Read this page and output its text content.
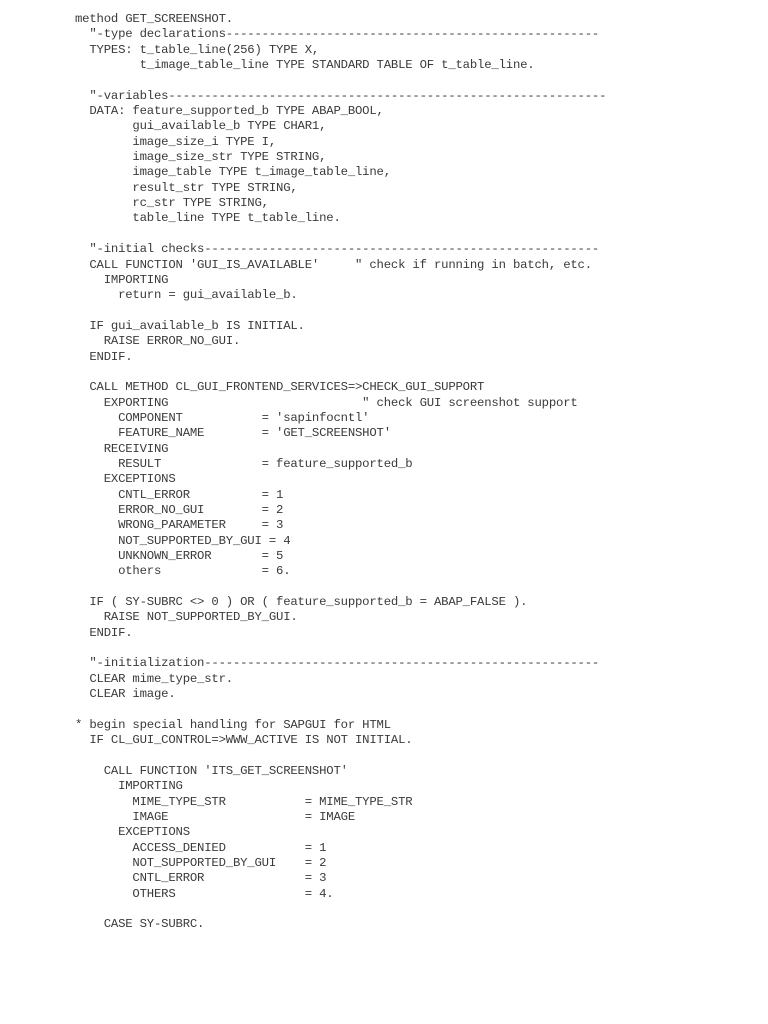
method GET_SCREENSHOT.
"-type declarations----------------------------------------------------
TYPES: t_table_line(256) TYPE X,
t_image_table_line TYPE STANDARD TABLE OF t_table_line.
"-variables-------------------------------------------------------------
DATA: feature_supported_b TYPE ABAP_BOOL,
gui_available_b TYPE CHAR1,
image_size_i TYPE I,
image_size_str TYPE STRING,
image_table TYPE t_image_table_line,
result_str TYPE STRING,
rc_str TYPE STRING,
table_line TYPE t_table_line.
"-initial checks-------------------------------------------------------
CALL FUNCTION 'GUI_IS_AVAILABLE'     " check if running in batch, etc.
IMPORTING
return = gui_available_b.
IF gui_available_b IS INITIAL.
RAISE ERROR_NO_GUI.
ENDIF.
CALL METHOD CL_GUI_FRONTEND_SERVICES=>CHECK_GUI_SUPPORT
EXPORTING                           " check GUI screenshot support
COMPONENT           = 'sapinfocntl'
FEATURE_NAME        = 'GET_SCREENSHOT'
RECEIVING
RESULT              = feature_supported_b
EXCEPTIONS
CNTL_ERROR          = 1
ERROR_NO_GUI        = 2
WRONG_PARAMETER     = 3
NOT_SUPPORTED_BY_GUI = 4
UNKNOWN_ERROR       = 5
others              = 6.
IF ( SY-SUBRC <> 0 ) OR ( feature_supported_b = ABAP_FALSE ).
RAISE NOT_SUPPORTED_BY_GUI.
ENDIF.
"-initialization-------------------------------------------------------
CLEAR mime_type_str.
CLEAR image.
* begin special handling for SAPGUI for HTML
IF CL_GUI_CONTROL=>WWW_ACTIVE IS NOT INITIAL.
CALL FUNCTION 'ITS_GET_SCREENSHOT'
IMPORTING
MIME_TYPE_STR           = MIME_TYPE_STR
IMAGE                   = IMAGE
EXCEPTIONS
ACCESS_DENIED           = 1
NOT_SUPPORTED_BY_GUI    = 2
CNTL_ERROR              = 3
OTHERS                  = 4.
CASE SY-SUBRC.
